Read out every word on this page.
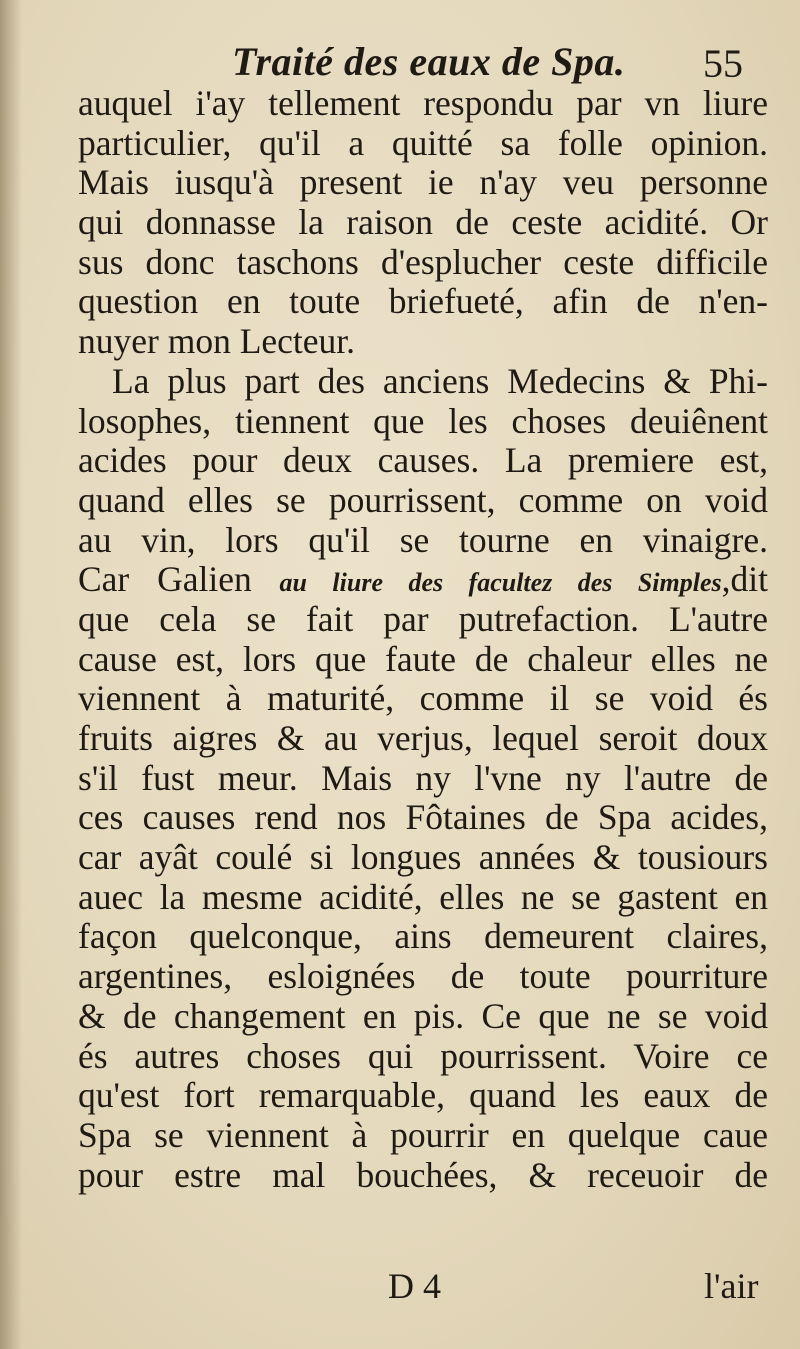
Traité des eaux de Spa. 55
auquel i'ay tellement respondu par vn liure
particulier, qu'il a quitté sa folle opinion.
Mais iusqu'à present ie n'ay veu personne
qui donnasse la raison de ceste acidité. Or
sus donc taschons d'esplucher ceste difficile
question en toute briefueté, afin de n'en-
nuyer mon Lecteur.
La plus part des anciens Medecins & Phi-
losophes, tiennent que les choses deuiênent
acides pour deux causes. La premiere est,
quand elles se pourrissent, comme on void
au vin, lors qu'il se tourne en vinaigre.
Car Galien au liure des facultez des Simples,dit
que cela se fait par putrefaction. L'autre
cause est, lors que faute de chaleur elles ne
viennent à maturité, comme il se void és
fruits aigres & au verjus, lequel seroit doux
s'il fust meur. Mais ny l'vne ny l'autre de
ces causes rend nos Fôtaines de Spa acides,
car ayât coulé si longues années & tousiours
auec la mesme acidité, elles ne se gastent en
façon quelconque, ains demeurent claires,
argentines, esloignées de toute pourriture
& de changement en pis. Ce que ne se void
és autres choses qui pourrissent. Voire ce
qu'est fort remarquable, quand les eaux de
Spa se viennent à pourrir en quelque caue
pour estre mal bouchées, & receuoir de
D 4	l'air
